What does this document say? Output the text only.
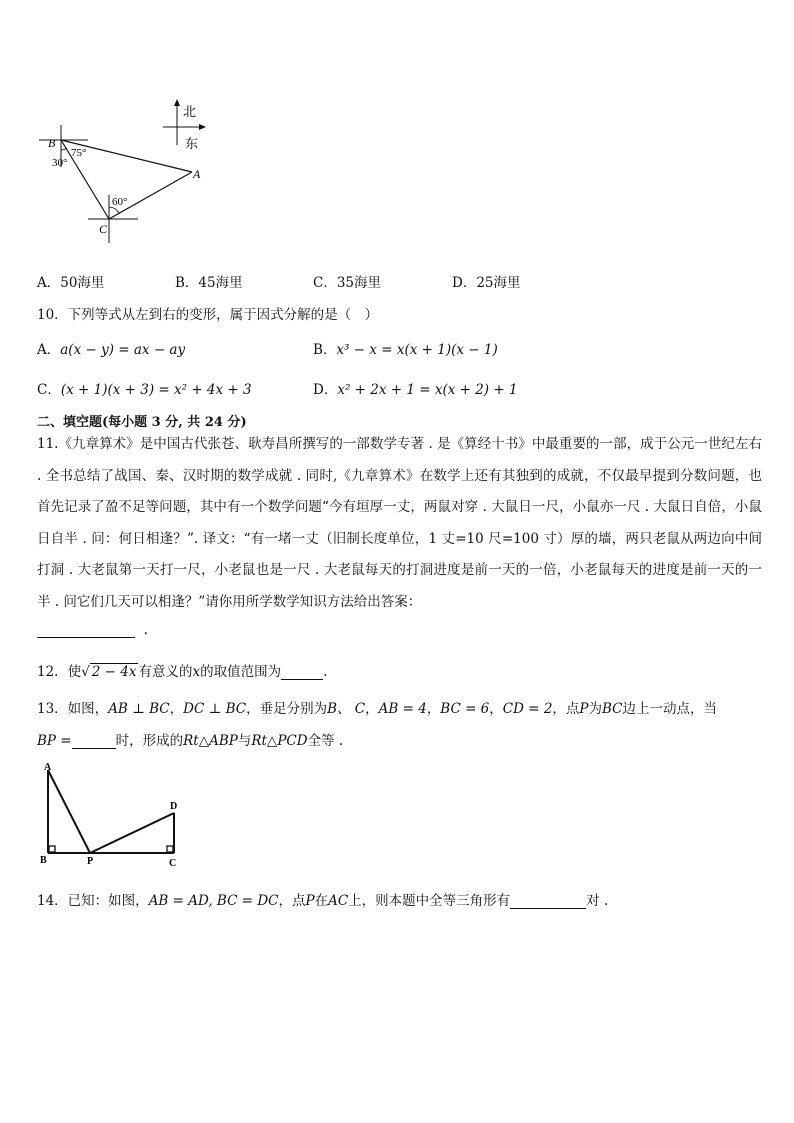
北
东
B
75°
30°
A
60°
C
A．50海里	B．45海里	C．35海里	D．25海里
10．下列等式从左到右的变形，属于因式分解的是（　）
A．a(x − y) = ax − ay	B．x³ − x = x(x + 1)(x − 1)
C．(x + 1)(x + 3) = x² + 4x + 3	D．x² + 2x + 1 = x(x + 2) + 1
二、填空题(每小题 3 分, 共 24 分)
11.《九章算术》是中国古代张苍、耿寿昌所撰写的一部数学专著 . 是《算经十书》中最重要的一部，成于公元一世纪左右 . 全书总结了战国、秦、汉时期的数学成就 . 同时,《九章算术》在数学上还有其独到的成就，不仅最早提到分数问题，也首先记录了盈不足等问题，其中有一个数学问题“今有垣厚一丈，两鼠对穿 . 大鼠日一尺，小鼠亦一尺 . 大鼠日自倍，小鼠日自半 . 问：何日相逢？”. 译文：“有一堵一丈（旧制长度单位，1 丈=10 尺=100 寸）厚的墙，两只老鼠从两边向中间打洞 . 大老鼠第一天打一尺，小老鼠也是一尺 . 大老鼠每天的打洞进度是前一天的一倍，小老鼠每天的进度是前一天的一半 . 问它们几天可以相逢？”请你用所学数学知识方法给出答案：
.
12．使√ 2 − 4x 有意义的x的取值范围为	.
13．如图，AB ⊥ BC，DC ⊥ BC，垂足分别为B、 C，AB = 4，BC = 6，CD = 2，点P为BC边上一动点，当
BP =	时，形成的Rt△ABP与Rt△PCD全等 .
A
B	P	C
D
14．已知：如图，AB = AD, BC = DC，点P在AC上，则本题中全等三角形有	对 .
